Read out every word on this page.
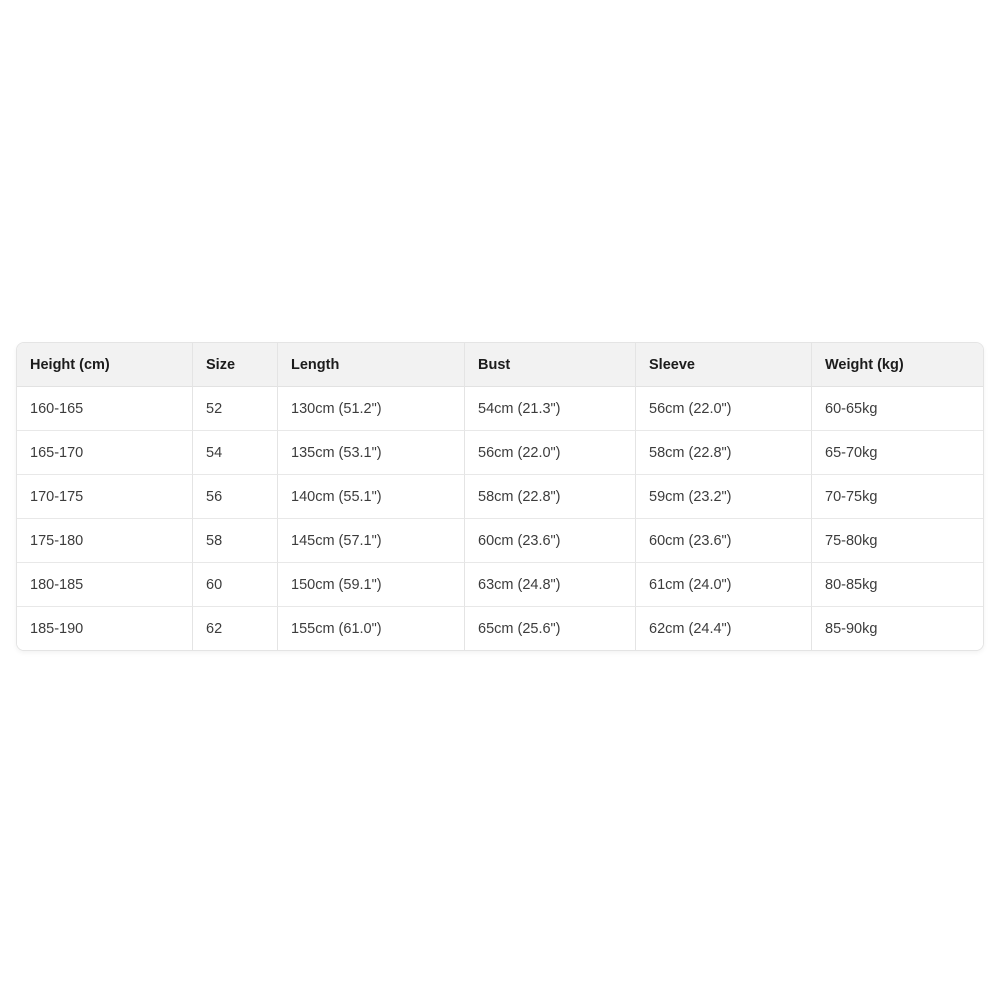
Height (cm)	Size	Length	Bust	Sleeve	Weight (kg)
160-165	52	130cm (51.2")	54cm (21.3")	56cm (22.0")	60-65kg
165-170	54	135cm (53.1")	56cm (22.0")	58cm (22.8")	65-70kg
170-175	56	140cm (55.1")	58cm (22.8")	59cm (23.2")	70-75kg
175-180	58	145cm (57.1")	60cm (23.6")	60cm (23.6")	75-80kg
180-185	60	150cm (59.1")	63cm (24.8")	61cm (24.0")	80-85kg
185-190	62	155cm (61.0")	65cm (25.6")	62cm (24.4")	85-90kg
